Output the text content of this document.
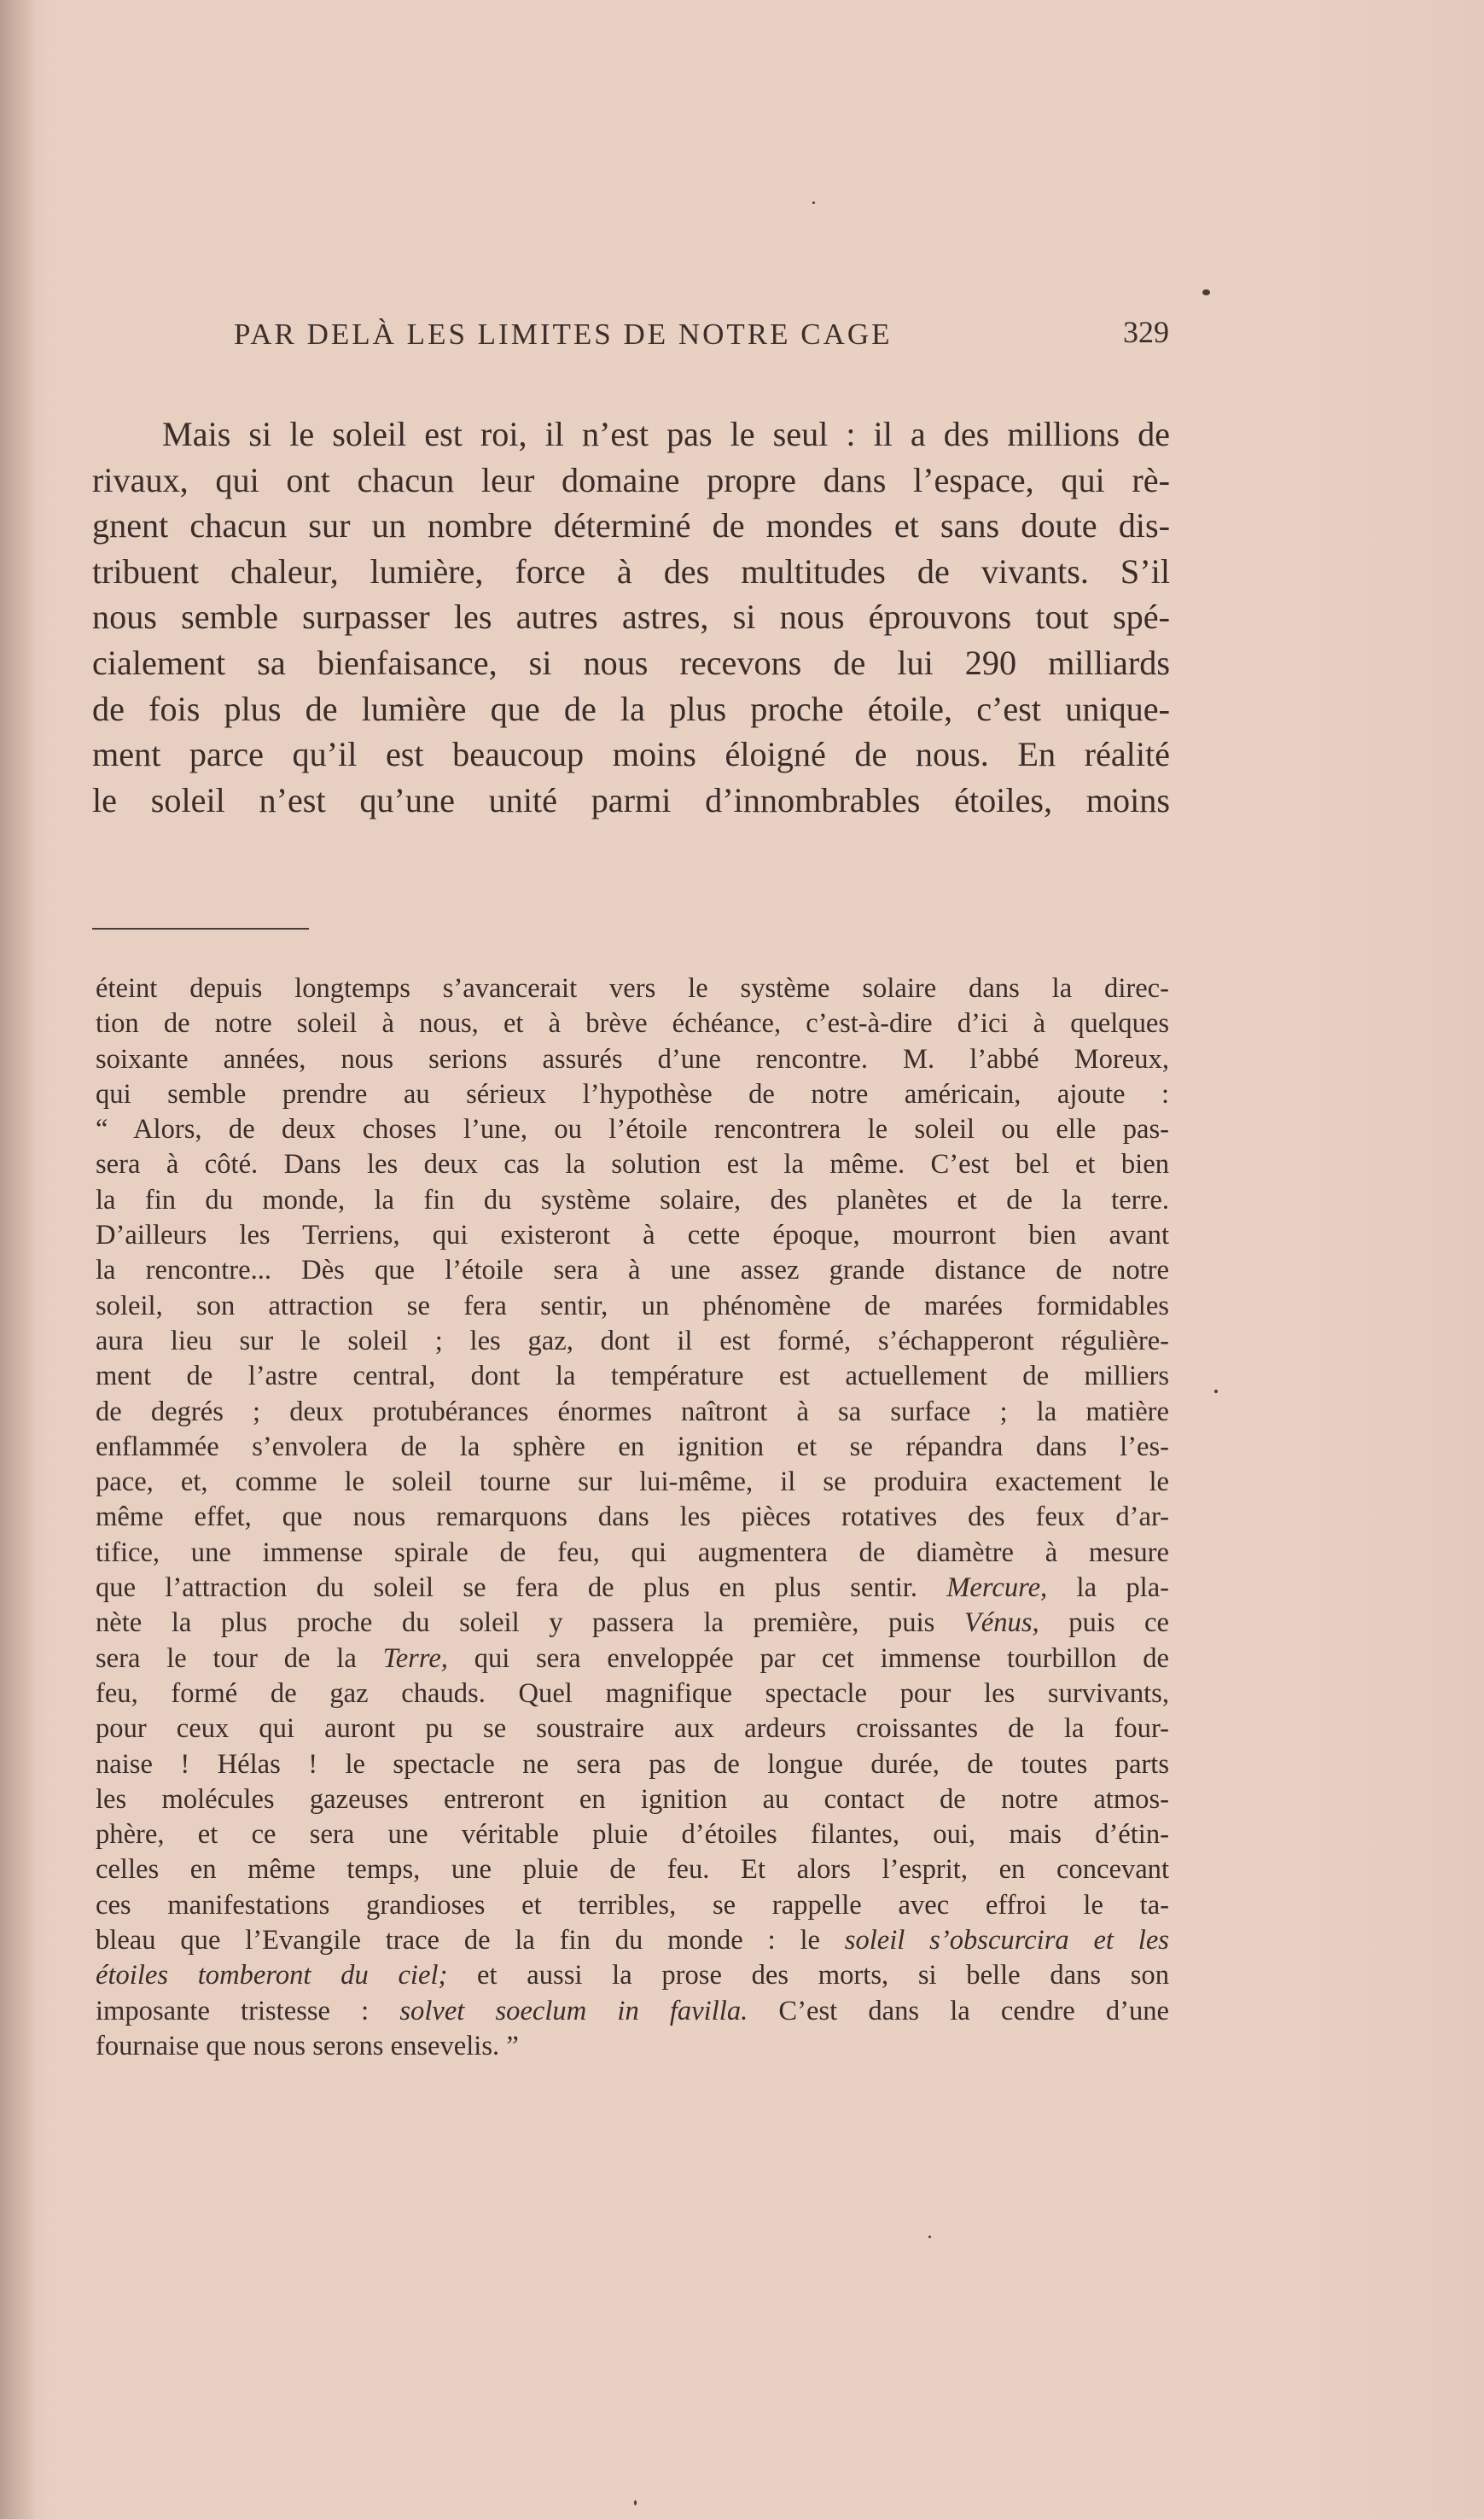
PAR DELÀ LES LIMITES DE NOTRE CAGE	329
Mais si le soleil est roi, il n’est pas le seul : il a des millions de
rivaux, qui ont chacun leur domaine propre dans l’espace, qui rè-
gnent chacun sur un nombre déterminé de mondes et sans doute dis-
tribuent chaleur, lumière, force à des multitudes de vivants. S’il
nous semble surpasser les autres astres, si nous éprouvons tout spé-
cialement sa bienfaisance, si nous recevons de lui 290 milliards
de fois plus de lumière que de la plus proche étoile, c’est unique-
ment parce qu’il est beaucoup moins éloigné de nous. En réalité
le soleil n’est qu’une unité parmi d’innombrables étoiles, moins
éteint depuis longtemps s’avancerait vers le système solaire dans la direc-
tion de notre soleil à nous, et à brève échéance, c’est-à-dire d’ici à quelques
soixante années, nous serions assurés d’une rencontre. M. l’abbé Moreux,
qui semble prendre au sérieux l’hypothèse de notre américain, ajoute :
“ Alors, de deux choses l’une, ou l’étoile rencontrera le soleil ou elle pas-
sera à côté. Dans les deux cas la solution est la même. C’est bel et bien
la fin du monde, la fin du système solaire, des planètes et de la terre.
D’ailleurs les Terriens, qui existeront à cette époque, mourront bien avant
la rencontre... Dès que l’étoile sera à une assez grande distance de notre
soleil, son attraction se fera sentir, un phénomène de marées formidables
aura lieu sur le soleil ; les gaz, dont il est formé, s’échapperont régulière-
ment de l’astre central, dont la température est actuellement de milliers
de degrés ; deux protubérances énormes naîtront à sa surface ; la matière
enflammée s’envolera de la sphère en ignition et se répandra dans l’es-
pace, et, comme le soleil tourne sur lui-même, il se produira exactement le
même effet, que nous remarquons dans les pièces rotatives des feux d’ar-
tifice, une immense spirale de feu, qui augmentera de diamètre à mesure
que l’attraction du soleil se fera de plus en plus sentir. Mercure, la pla-
nète la plus proche du soleil y passera la première, puis Vénus, puis ce
sera le tour de la Terre, qui sera enveloppée par cet immense tourbillon de
feu, formé de gaz chauds. Quel magnifique spectacle pour les survivants,
pour ceux qui auront pu se soustraire aux ardeurs croissantes de la four-
naise ! Hélas ! le spectacle ne sera pas de longue durée, de toutes parts
les molécules gazeuses entreront en ignition au contact de notre atmos-
phère, et ce sera une véritable pluie d’étoiles filantes, oui, mais d’étin-
celles en même temps, une pluie de feu. Et alors l’esprit, en concevant
ces manifestations grandioses et terribles, se rappelle avec effroi le ta-
bleau que l’Evangile trace de la fin du monde : le soleil s’obscurcira et les
étoiles tomberont du ciel; et aussi la prose des morts, si belle dans son
imposante tristesse : solvet soeclum in favilla. C’est dans la cendre d’une
fournaise que nous serons ensevelis. ”
